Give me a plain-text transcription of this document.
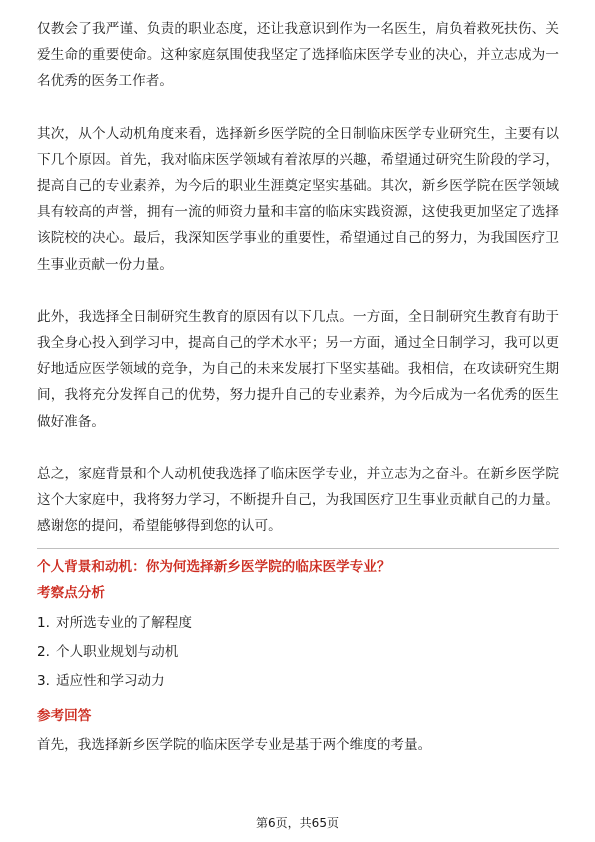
仅教会了我严谨、负责的职业态度，还让我意识到作为一名医生，肩负着救死扶伤、关爱生命的重要使命。这种家庭氛围使我坚定了选择临床医学专业的决心，并立志成为一名优秀的医务工作者。

其次，从个人动机角度来看，选择新乡医学院的全日制临床医学专业研究生，主要有以下几个原因。首先，我对临床医学领域有着浓厚的兴趣，希望通过研究生阶段的学习，提高自己的专业素养，为今后的职业生涯奠定坚实基础。其次，新乡医学院在医学领域具有较高的声誉，拥有一流的师资力量和丰富的临床实践资源，这使我更加坚定了选择该院校的决心。最后，我深知医学事业的重要性，希望通过自己的努力，为我国医疗卫生事业贡献一份力量。

此外，我选择全日制研究生教育的原因有以下几点。一方面，全日制研究生教育有助于我全身心投入到学习中，提高自己的学术水平；另一方面，通过全日制学习，我可以更好地适应医学领域的竞争，为自己的未来发展打下坚实基础。我相信，在攻读研究生期间，我将充分发挥自己的优势，努力提升自己的专业素养，为今后成为一名优秀的医生做好准备。

总之，家庭背景和个人动机使我选择了临床医学专业，并立志为之奋斗。在新乡医学院这个大家庭中，我将努力学习，不断提升自己，为我国医疗卫生事业贡献自己的力量。感谢您的提问，希望能够得到您的认可。

个人背景和动机：你为何选择新乡医学院的临床医学专业？

考察点分析

1. 对所选专业的了解程度

2. 个人职业规划与动机

3. 适应性和学习动力

参考回答

首先，我选择新乡医学院的临床医学专业是基于两个维度的考量。

第6页，共65页
